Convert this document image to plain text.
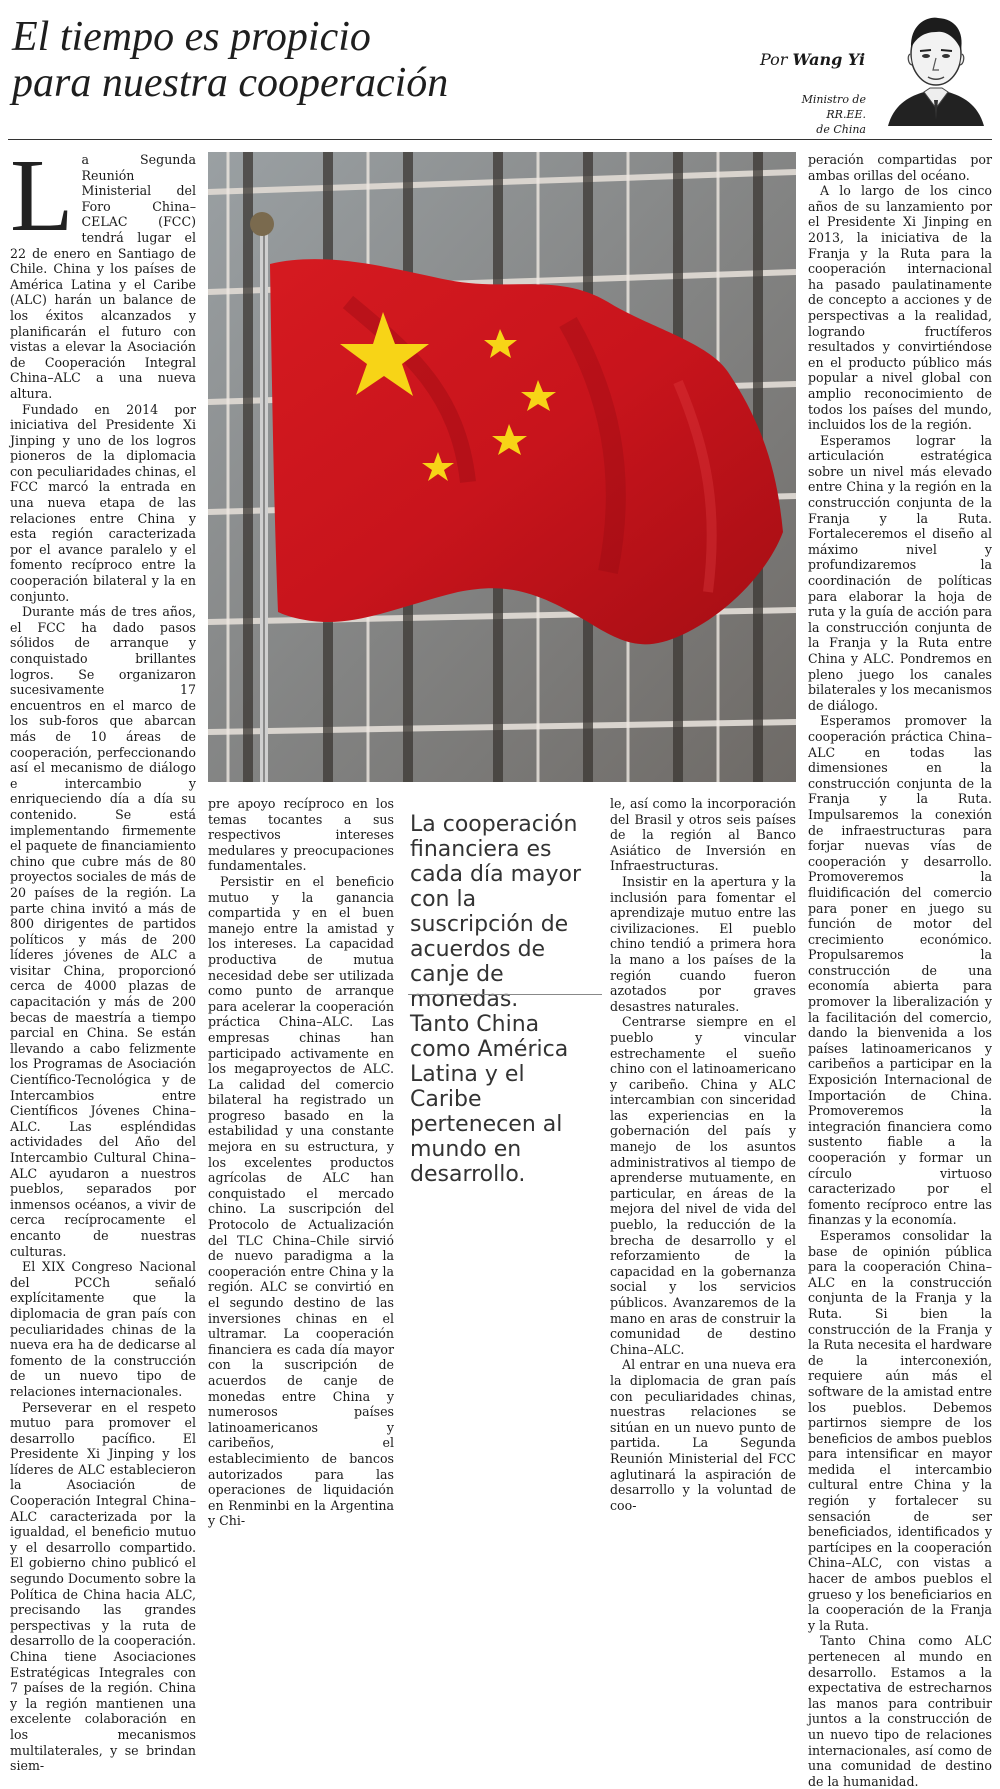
El tiempo es propicio
para nuestra cooperación
Por Wang Yi
Ministro de RR.EE.
de China
L a Segunda Reunión Ministerial del Foro China–CELAC (FCC) tendrá lugar el 22 de enero en Santiago de Chile. China y los países de América Latina y el Caribe (ALC) harán un balance de los éxitos alcanzados y planificarán el futuro con vistas a elevar la Asociación de Cooperación Integral China–ALC a una nueva altura.

Fundado en 2014 por iniciativa del Presidente Xi Jinping y uno de los logros pioneros de la diplomacia con peculiaridades chinas, el FCC marcó la entrada en una nueva etapa de las relaciones entre China y esta región caracterizada por el avance paralelo y el fomento recíproco entre la cooperación bilateral y la en conjunto.

Durante más de tres años, el FCC ha dado pasos sólidos de arranque y conquistado brillantes logros. Se organizaron sucesivamente 17 encuentros en el marco de los sub-foros que abarcan más de 10 áreas de cooperación, perfeccionando así el mecanismo de diálogo e intercambio y enriqueciendo día a día su contenido. Se está implementando firmemente el paquete de financiamiento chino que cubre más de 80 proyectos sociales de más de 20 países de la región. La parte china invitó a más de 800 dirigentes de partidos políticos y más de 200 líderes jóvenes de ALC a visitar China, proporcionó cerca de 4000 plazas de capacitación y más de 200 becas de maestría a tiempo parcial en China. Se están llevando a cabo felizmente los Programas de Asociación Científico-Tecnológica y de Intercambios entre Científicos Jóvenes China–ALC. Las espléndidas actividades del Año del Intercambio Cultural China–ALC ayudaron a nuestros pueblos, separados por inmensos océanos, a vivir de cerca recíprocamente el encanto de nuestras culturas.

El XIX Congreso Nacional del PCCh señaló explícitamente que la diplomacia de gran país con peculiaridades chinas de la nueva era ha de dedicarse al fomento de la construcción de un nuevo tipo de relaciones internacionales.

Perseverar en el respeto mutuo para promover el desarrollo pacífico. El Presidente Xi Jinping y los líderes de ALC establecieron la Asociación de Cooperación Integral China–ALC caracterizada por la igualdad, el beneficio mutuo y el desarrollo compartido. El gobierno chino publicó el segundo Documento sobre la Política de China hacia ALC, precisando las grandes perspectivas y la ruta de desarrollo de la cooperación. China tiene Asociaciones Estratégicas Integrales con 7 países de la región. China y la región mantienen una excelente colaboración en los mecanismos multilaterales, y se brindan siem-

pre apoyo recíproco en los temas tocantes a sus respectivos intereses medulares y preocupaciones fundamentales.

Persistir en el beneficio mutuo y la ganancia compartida y en el buen manejo entre la amistad y los intereses. La capacidad productiva de mutua necesidad debe ser utilizada como punto de arranque para acelerar la cooperación práctica China–ALC. Las empresas chinas han participado activamente en los megaproyectos de ALC. La calidad del comercio bilateral ha registrado un progreso basado en la estabilidad y una constante mejora en su estructura, y los excelentes productos agrícolas de ALC han conquistado el mercado chino. La suscripción del Protocolo de Actualización del TLC China–Chile sirvió de nuevo paradigma a la cooperación entre China y la región. ALC se convirtió en el segundo destino de las inversiones chinas en el ultramar. La cooperación financiera es cada día mayor con la suscripción de acuerdos de canje de monedas entre China y numerosos países latinoamericanos y caribeños, el establecimiento de bancos autorizados para las operaciones de liquidación en Renminbi en la Argentina y Chi-

La cooperación financiera es cada día mayor con la suscripción de acuerdos de canje de monedas.
Tanto China como América Latina y el Caribe pertenecen al mundo en desarrollo.

le, así como la incorporación del Brasil y otros seis países de la región al Banco Asiático de Inversión en Infraestructuras.

Insistir en la apertura y la inclusión para fomentar el aprendizaje mutuo entre las civilizaciones. El pueblo chino tendió a primera hora la mano a los países de la región cuando fueron azotados por graves desastres naturales.

Centrarse siempre en el pueblo y vincular estrechamente el sueño chino con el latinoamericano y caribeño. China y ALC intercambian con sinceridad las experiencias en la gobernación del país y manejo de los asuntos administrativos al tiempo de aprenderse mutuamente, en particular, en áreas de la mejora del nivel de vida del pueblo, la reducción de la brecha de desarrollo y el reforzamiento de la capacidad en la gobernanza social y los servicios públicos. Avanzaremos de la mano en aras de construir la comunidad de destino China–ALC.

Al entrar en una nueva era la diplomacia de gran país con peculiaridades chinas, nuestras relaciones se sitúan en un nuevo punto de partida. La Segunda Reunión Ministerial del FCC aglutinará la aspiración de desarrollo y la voluntad de coo-

peración compartidas por ambas orillas del océano.

A lo largo de los cinco años de su lanzamiento por el Presidente Xi Jinping en 2013, la iniciativa de la Franja y la Ruta para la cooperación internacional ha pasado paulatinamente de concepto a acciones y de perspectivas a la realidad, logrando fructíferos resultados y convirtiéndose en el producto público más popular a nivel global con amplio reconocimiento de todos los países del mundo, incluidos los de la región.

Esperamos lograr la articulación estratégica sobre un nivel más elevado entre China y la región en la construcción conjunta de la Franja y la Ruta. Fortaleceremos el diseño al máximo nivel y profundizaremos la coordinación de políticas para elaborar la hoja de ruta y la guía de acción para la construcción conjunta de la Franja y la Ruta entre China y ALC. Pondremos en pleno juego los canales bilaterales y los mecanismos de diálogo.

Esperamos promover la cooperación práctica China–ALC en todas las dimensiones en la construcción conjunta de la Franja y la Ruta. Impulsaremos la conexión de infraestructuras para forjar nuevas vías de cooperación y desarrollo. Promoveremos la fluidificación del comercio para poner en juego su función de motor del crecimiento económico. Propulsaremos la construcción de una economía abierta para promover la liberalización y la facilitación del comercio, dando la bienvenida a los países latinoamericanos y caribeños a participar en la Exposición Internacional de Importación de China. Promoveremos la integración financiera como sustento fiable a la cooperación y formar un círculo virtuoso caracterizado por el fomento recíproco entre las finanzas y la economía.

Esperamos consolidar la base de opinión pública para la cooperación China–ALC en la construcción conjunta de la Franja y la Ruta. Si bien la construcción de la Franja y la Ruta necesita el hardware de la interconexión, requiere aún más el software de la amistad entre los pueblos. Debemos partirnos siempre de los beneficios de ambos pueblos para intensificar en mayor medida el intercambio cultural entre China y la región y fortalecer su sensación de ser beneficiados, identificados y partícipes en la cooperación China–ALC, con vistas a hacer de ambos pueblos el grueso y los beneficiarios en la cooperación de la Franja y la Ruta.

Tanto China como ALC pertenecen al mundo en desarrollo. Estamos a la expectativa de estrecharnos las manos para contribuir juntos a la construcción de un nuevo tipo de relaciones internacionales, así como de una comunidad de destino de la humanidad.
